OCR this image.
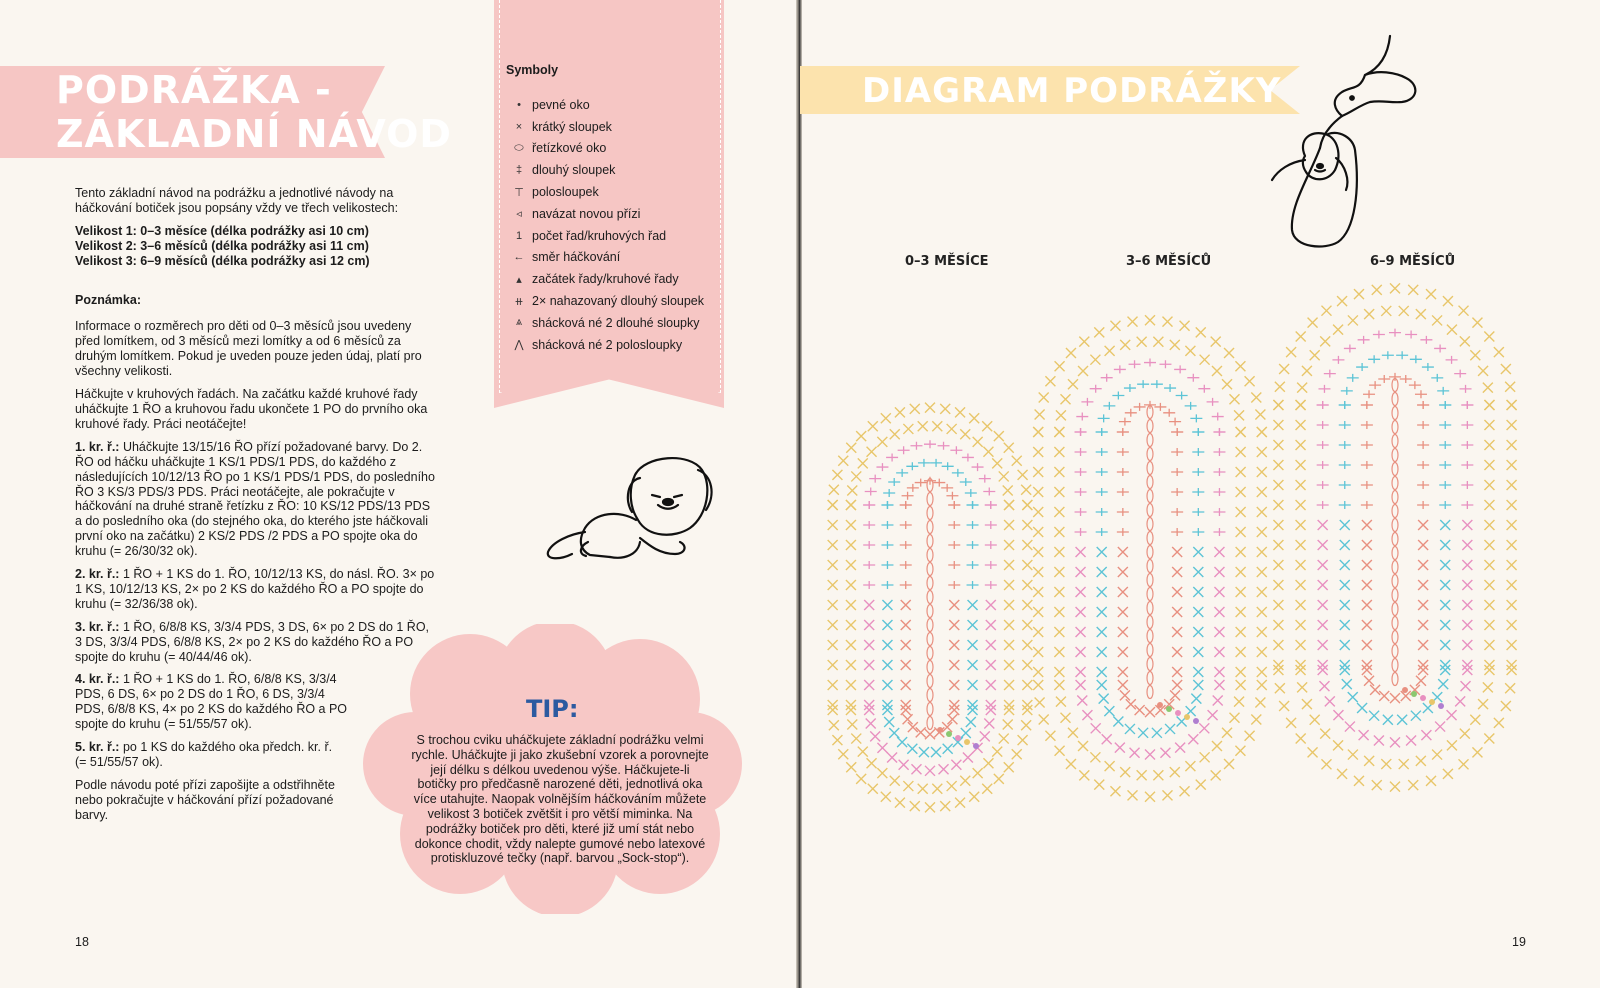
PODRÁŽKA -
ZÁKLADNÍ NÁVOD

Tento základní návod na podrážku a jednotlivé návody na háčkování botiček jsou popsány vždy ve třech velikostech:

Velikost 1: 0–3 měsíce (délka podrážky asi 10 cm)
Velikost 2: 3–6 měsíců (délka podrážky asi 11 cm)
Velikost 3: 6–9 měsíců (délka podrážky asi 12 cm)

Poznámka:

Informace o rozměrech pro děti od 0–3 měsíců jsou uvedeny před lomítkem, od 3 měsíců mezi lomítky a od 6 měsíců za druhým lomítkem. Pokud je uveden pouze jeden údaj, platí pro všechny velikosti.

Háčkujte v kruhových řadách. Na začátku každé kruhové řady uháčkujte 1 ŘO a kruhovou řadu ukončete 1 PO do prvního oka kruhové řady. Práci neotáčejte!

1. kr. ř.: Uháčkujte 13/15/16 ŘO přízí požadované barvy. Do 2. ŘO od háčku uháčkujte 1 KS/1 PDS/1 PDS, do každého z následujících 10/12/13 ŘO po 1 KS/1 PDS/1 PDS, do posledního ŘO 3 KS/3 PDS/3 PDS. Práci neotáčejte, ale pokračujte v háčkování na druhé straně řetízku z ŘO: 10 KS/12 PDS/13 PDS a do posledního oka (do stejného oka, do kterého jste háčkovali první oko na začátku) 2 KS/2 PDS /2 PDS a PO spojte oka do kruhu (= 26/30/32 ok).

2. kr. ř.: 1 ŘO + 1 KS do 1. ŘO, 10/12/13 KS, do násl. ŘO. 3× po 1 KS, 10/12/13 KS, 2× po 2 KS do každého ŘO a PO spojte do kruhu (= 32/36/38 ok).

3. kr. ř.: 1 ŘO, 6/8/8 KS, 3/3/4 PDS, 3 DS, 6× po 2 DS do 1 ŘO, 3 DS, 3/3/4 PDS, 6/8/8 KS, 2× po 2 KS do každého ŘO a PO spojte do kruhu (= 40/44/46 ok).

4. kr. ř.: 1 ŘO + 1 KS do 1. ŘO, 6/8/8 KS, 3/3/4 PDS, 6 DS, 6× po 2 DS do 1 ŘO, 6 DS, 3/3/4 PDS, 6/8/8 KS, 4× po 2 KS do každého ŘO a PO spojte do kruhu (= 51/55/57 ok).

5. kr. ř.: po 1 KS do každého oka předch. kr. ř. (= 51/55/57 ok).

Podle návodu poté přízi zapošijte a odstřihněte nebo pokračujte v háčkování přízí požadované barvy.

Symboly
• pevné oko
× krátký sloupek
⬭ řetízkové oko
‡ dlouhý sloupek
⊤ polosloupek
◃ navázat novou přízi
1 počet řad/kruhových řad
← směr háčkování
▴ začátek řady/kruhové řady
⧺ 2× nahazovaný dlouhý sloupek
⩓ shácková né 2 dlouhé sloupky
⋀ shácková né 2 polosloupky
TIP:
S trochou cviku uháčkujete základní podrážku velmi rychle. Uháčkujte ji jako zkušební vzorek a porovnejte její délku s délkou uvedenou výše. Háčkujete-li botičky pro předčasně narozené děti, jednotlivá oka více utahujte. Naopak volnějším háčkováním můžete velikost 3 botiček zvětšit i pro větší miminka. Na podrážky botiček pro děti, které již umí stát nebo dokonce chodit, vždy nalepte gumové nebo latexové protiskluzové tečky (např. barvou „Sock-stop“).
18
DIAGRAM PODRÁŽKY
0–3 MĚSÍCE	3–6 MĚSÍCŮ	6–9 MĚSÍCŮ
19
